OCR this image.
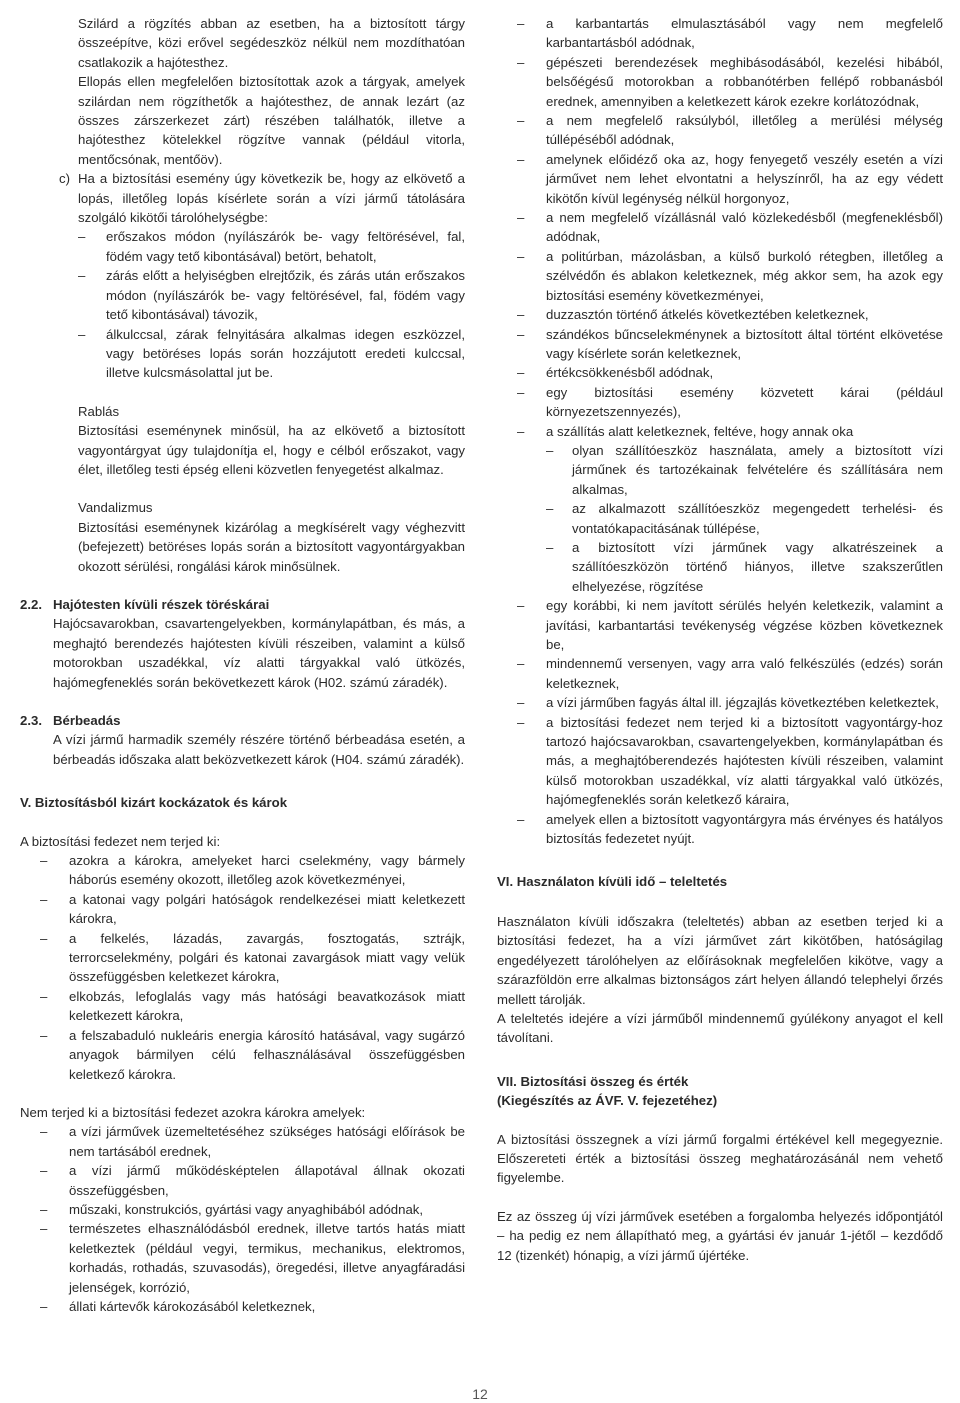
Szilárd a rögzítés abban az esetben, ha a biztosított tárgy összeépítve, közi erővel segédeszköz nélkül nem mozdíthatóan csatlakozik a hajótesthez.

Ellopás ellen megfelelően biztosítottak azok a tárgyak, amelyek szilárdan nem rögzíthetők a hajótesthez, de annak lezárt (az összes zárszerkezet zárt) részében találhatók, illetve a hajótesthez kötelekkel rögzítve vannak (például vitorla, mentőcsónak, mentőöv).

c) Ha a biztosítási esemény úgy következik be, hogy az elkövető a lopás, illetőleg lopás kísérlete során a vízi jármű tátolására szolgáló kikötői tárolóhelységbe:
– erőszakos módon (nyílászárók be- vagy feltörésével, fal, födém vagy tető kibontásával) betört, behatolt,
– zárás előtt a helyiségben elrejtőzik, és zárás után erőszakos módon (nyílászárók be- vagy feltörésével, fal, födém vagy tető kibontásával) távozik,
– álkulccsal, zárak felnyitására alkalmas idegen eszközzel, vagy betöréses lopás során hozzájutott eredeti kulccsal, illetve kulcsmásolattal jut be.

Rablás

Biztosítási eseménynek minősül, ha az elkövető a biztosított vagyontárgyat úgy tulajdonítja el, hogy e célból erőszakot, vagy élet, illetőleg testi épség elleni közvetlen fenyegetést alkalmaz.

Vandalizmus

Biztosítási eseménynek kizárólag a megkísérelt vagy véghezvitt (befejezett) betöréses lopás során a biztosított vagyontárgyakban okozott sérülési, rongálási károk minősülnek.

2.2. Hajótesten kívüli részek töréskárai

Hajócsavarokban, csavartengelyekben, kormánylapátban, és más, a meghajtó berendezés hajótesten kívüli részeiben, valamint a külső motorokban uszadékkal, víz alatti tárgyakkal való ütközés, hajómegfeneklés során bekövetkezett károk (H02. számú záradék).

2.3. Bérbeadás

A vízi jármű harmadik személy részére történő bérbeadása esetén, a bérbeadás időszaka alatt beközvetkezett károk (H04. számú záradék).

V. Biztosításból kizárt kockázatok és károk

A biztosítási fedezet nem terjed ki:

– azokra a károkra, amelyeket harci cselekmény, vagy bármely háborús esemény okozott, illetőleg azok következményei,
– a katonai vagy polgári hatóságok rendelkezései miatt keletkezett károkra,
– a felkelés, lázadás, zavargás, fosztogatás, sztrájk, terrorcselekmény, polgári és katonai zavargások miatt vagy velük összefüggésben keletkezet károkra,
– elkobzás, lefoglalás vagy más hatósági beavatkozások miatt keletkezett károkra,
– a felszabaduló nukleáris energia károsító hatásával, vagy sugárzó anyagok bármilyen célú felhasználásával összefüggésben keletkező károkra.

Nem terjed ki a biztosítási fedezet azokra károkra amelyek:

– a vízi járművek üzemeltetéséhez szükséges hatósági előírások be nem tartásából erednek,
– a vízi jármű működésképtelen állapotával állnak okozati összefüggésben,
– műszaki, konstrukciós, gyártási vagy anyaghibából adódnak,
– természetes elhasználódásból erednek, illetve tartós hatás miatt keletkeztek (például vegyi, termikus, mechanikus, elektromos, korhadás, rothadás, szuvasodás), öregedési, illetve anyagfáradási jelenségek, korrózió,
– állati kártevők károkozásából keletkeznek,
– a karbantartás elmulasztásából vagy nem megfelelő karbantartásból adódnak,
– gépészeti berendezések meghibásodásából, kezelési hibából, belsőégésű motorokban a robbanótérben fellépő robbanásból erednek, amennyiben a keletkezett károk ezekre korlátozódnak,
– a nem megfelelő raksúlyból, illetőleg a merülési mélység túllépéséből adódnak,
– amelynek előidéző oka az, hogy fenyegető veszély esetén a vízi járművet nem lehet elvontatni a helyszínről, ha az egy védett kikötőn kívül legénység nélkül horgonyoz,
– a nem megfelelő vízállásnál való közlekedésből (megfeneklésből) adódnak,
– a politúrban, mázolásban, a külső burkoló rétegben, illetőleg a szélvédőn és ablakon keletkeznek, még akkor sem, ha azok egy biztosítási esemény következményei,
– duzzasztón történő átkelés következtében keletkeznek,
– szándékos bűncselekménynek a biztosított által történt elkövetése vagy kísérlete során keletkeznek,
– értékcsökkenésből adódnak,
– egy biztosítási esemény közvetett kárai (például környezetszennyezés),
– a szállítás alatt keletkeznek, feltéve, hogy annak oka
– olyan szállítóeszköz használata, amely a biztosított vízi járműnek és tartozékainak felvételére és szállítására nem alkalmas,
– az alkalmazott szállítóeszköz megengedett terhelési- és vontatókapacitásának túllépése,
– a biztosított vízi járműnek vagy alkatrészeinek a szállítóeszközön történő hiányos, illetve szakszerűtlen elhelyezése, rögzítése
– egy korábbi, ki nem javított sérülés helyén keletkezik, valamint a javítási, karbantartási tevékenység végzése közben következnek be,
– mindennemű versenyen, vagy arra való felkészülés (edzés) során keletkeznek,
– a vízi járműben fagyás által ill. jégzajlás következtében keletkeztek,
– a biztosítási fedezet nem terjed ki a biztosított vagyontárgy-hoz tartozó hajócsavarokban, csavartengelyekben, kormánylapátban és más, a meghajtóberendezés hajótesten kívüli részeiben, valamint külső motorokban uszadékkal, víz alatti tárgyakkal való ütközés, hajómegfeneklés során keletkező káraira,
– amelyek ellen a biztosított vagyontárgyra más érvényes és hatályos biztosítás fedezetet nyújt.

VI. Használaton kívüli idő – teleltetés

Használaton kívüli időszakra (teleltetés) abban az esetben terjed ki a biztosítási fedezet, ha a vízi járművet zárt kikötőben, hatóságilag engedélyezett tárolóhelyen az előírásoknak megfelelően kikötve, vagy a szárazföldön erre alkalmas biztonságos zárt helyen állandó telephelyi őrzés mellett tárolják.

A teleltetés idejére a vízi járműből mindennemű gyúlékony anyagot el kell távolítani.

VII. Biztosítási összeg és érték

(Kiegészítés az ÁVF. V. fejezetéhez)

A biztosítási összegnek a vízi jármű forgalmi értékével kell megegyeznie. Előszereteti érték a biztosítási összeg meghatározásánál nem vehető figyelembe.

Ez az összeg új vízi járművek esetében a forgalomba helyezés időpontjától – ha pedig ez nem állapítható meg, a gyártási év január 1-jétől – kezdődő 12 (tizenkét) hónapig, a vízi jármű újértéke.

12
